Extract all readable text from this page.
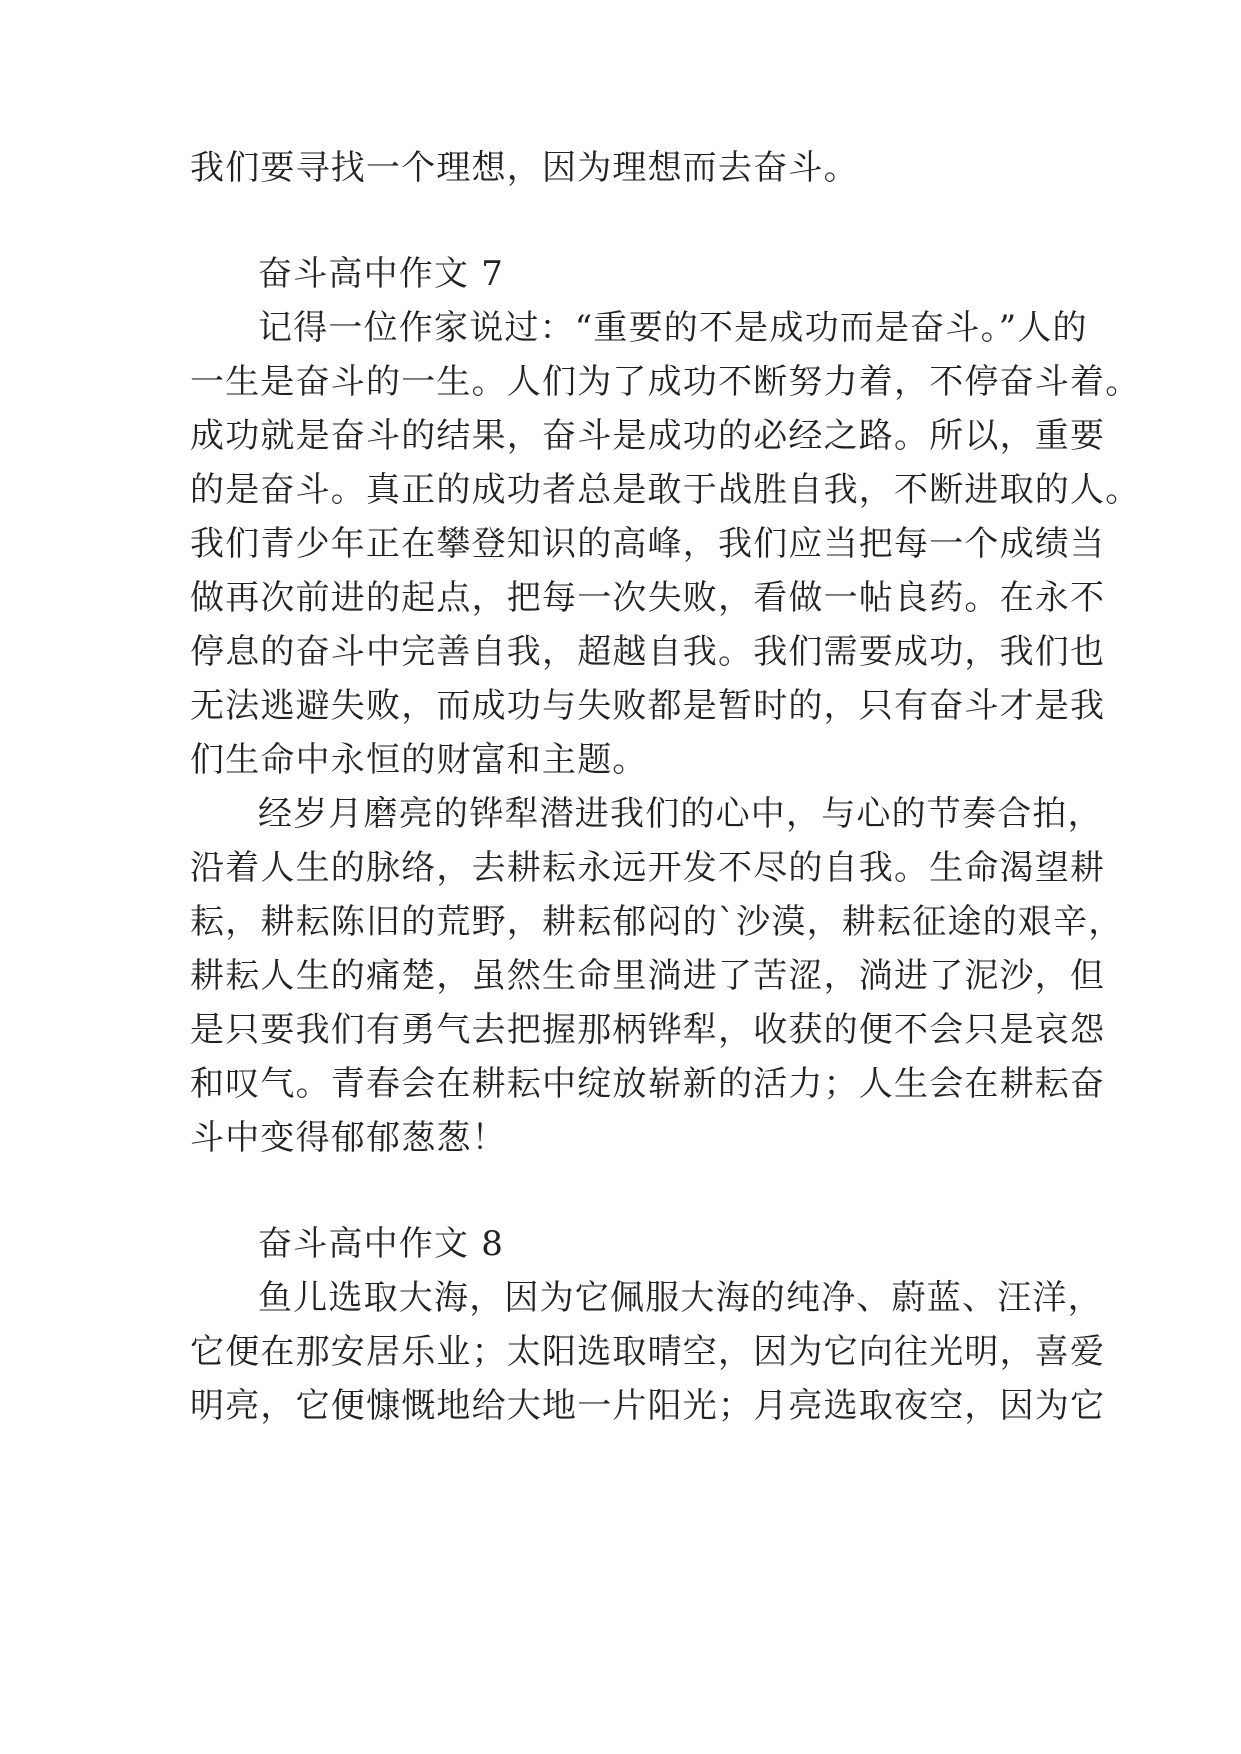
我们要寻找一个理想，因为理想而去奋斗。
奋斗高中作文 7
记得一位作家说过：“重要的不是成功而是奋斗。”人的
一生是奋斗的一生。人们为了成功不断努力着，不停奋斗着。
成功就是奋斗的结果，奋斗是成功的必经之路。所以，重要
的是奋斗。真正的成功者总是敢于战胜自我，不断进取的人。
我们青少年正在攀登知识的高峰，我们应当把每一个成绩当
做再次前进的起点，把每一次失败，看做一帖良药。在永不
停息的奋斗中完善自我，超越自我。我们需要成功，我们也
无法逃避失败，而成功与失败都是暂时的，只有奋斗才是我
们生命中永恒的财富和主题。
经岁月磨亮的铧犁潜进我们的心中，与心的节奏合拍，
沿着人生的脉络，去耕耘永远开发不尽的自我。生命渴望耕
耘，耕耘陈旧的荒野，耕耘郁闷的`沙漠，耕耘征途的艰辛，
耕耘人生的痛楚，虽然生命里淌进了苦涩，淌进了泥沙，但
是只要我们有勇气去把握那柄铧犁，收获的便不会只是哀怨
和叹气。青春会在耕耘中绽放崭新的活力；人生会在耕耘奋
斗中变得郁郁葱葱！
奋斗高中作文 8
鱼儿选取大海，因为它佩服大海的纯净、蔚蓝、汪洋，
它便在那安居乐业；太阳选取晴空，因为它向往光明，喜爱
明亮，它便慷慨地给大地一片阳光；月亮选取夜空，因为它
